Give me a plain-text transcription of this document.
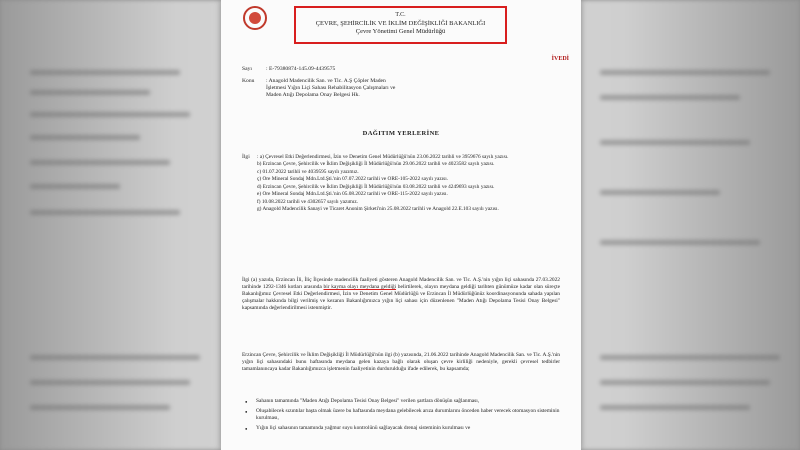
T.C.
ÇEVRE, ŞEHİRCİLİK VE İKLİM DEĞİŞİKLİĞİ BAKANLIĞI
Çevre Yönetimi Genel Müdürlüğü
İVEDİ
Sayı	: E-79380874-145.09-4439575
Konu	: Anagold Madencilik San. ve Tic. A.Ş Çöpler Maden İşletmesi Yığın Liçi Sahası Rehabilitasyon Çalışmaları ve Maden Atığı Depolama Onay Belgesi Hk.
DAĞITIM YERLERİNE
İlgi : a) Çevresel Etki Değerlendirmesi, İzin ve Denetim Genel Müdürlüğü'nün 23.06.2022 tarihli ve 3959676 sayılı yazısı.
b) Erzincan Çevre, Şehircilik ve İklim Değişikliği İl Müdürlüğü'nün 29.06.2022 tarihli ve 4023582 sayılı yazısı.
c) 01.07.2022 tarihli ve 4039595 sayılı yazımız.
ç) Ore Mineral Sondaj Mdn.Ltd.Şti.'nin 07.07.2022 tarihli ve ORE-105-2022 sayılı yazısı.
d) Erzincan Çevre, Şehircilik ve İklim Değişikliği İl Müdürlüğü'nün 03.08.2022 tarihli ve 4249693 sayılı yazısı.
e) Ore Mineral Sondaj Mdn.Ltd.Şti.'nin 05.08.2022 tarihli ve ORE-115-2022 sayılı yazısı.
f) 10.08.2022 tarihli ve 4302657 sayılı yazımız.
g) Anagold Madencilik Sanayi ve Ticaret Anonim Şirketi'nin 25.08.2022 tarihli ve Anagold 22.E.103 sayılı yazısı.
İlgi (a) yazıda, Erzincan İli, İliç İlçesinde madencilik faaliyeti gösteren Anagold Madencilik San. ve Tic. A.Ş.'nin yığın liçi sahasında 27.03.2022 tarihinde 1292-1346 kotları arasında bir kayma olayı meydana geldiği belirtilerek, olayın meydana geldiği tarihten günümüze kadar olan süreçte Bakanlığımız Çevresel Etki Değerlendirmesi, İzin ve Denetim Genel Müdürlüğü ve Erzincan İl Müdürlüğünüz koordinasyonunda sahada yapılan çalışmalar hakkında bilgi verilmiş ve kezanın Bakanlığımızca yığın liçi sahası için düzenlenen "Maden Atığı Depolama Tesisi Onay Belgesi" kapsamında değerlendirilmesi istenmiştir.
Erzincan Çevre, Şehircilik ve İklim Değişikliği İl Müdürlüğü'nün ilgi (b) yazısında, 21.06.2022 tarihinde Anagold Madencilik San. ve Tic. A.Ş.'nin yığın liçi sahasındaki bunu haftasında meydana gelen kazaya bağlı olarak oluşan çevre kirliliği nedeniyle, gerekli çevresel tedbirler tamamlanıncaya kadar Bakanlığımızca işletmenin faaliyetinin durdurulduğu ifade edilerek, bu kapsamda;
● Sahanın tamamında "Maden Atığı Depolama Tesisi Onay Belgesi" verilen şartlara dönüşün sağlanması,
● Oluşabilecek sızıntılar başta olmak üzere bu haftasında meydana gelebilecek arıza durumlarını önceden haber verecek otomasyon sisteminin kurulması,
● Yığın liçi sahasının tamamında yağmur suyu kontrolünü sağlayacak drenaj sisteminin kurulması ve
